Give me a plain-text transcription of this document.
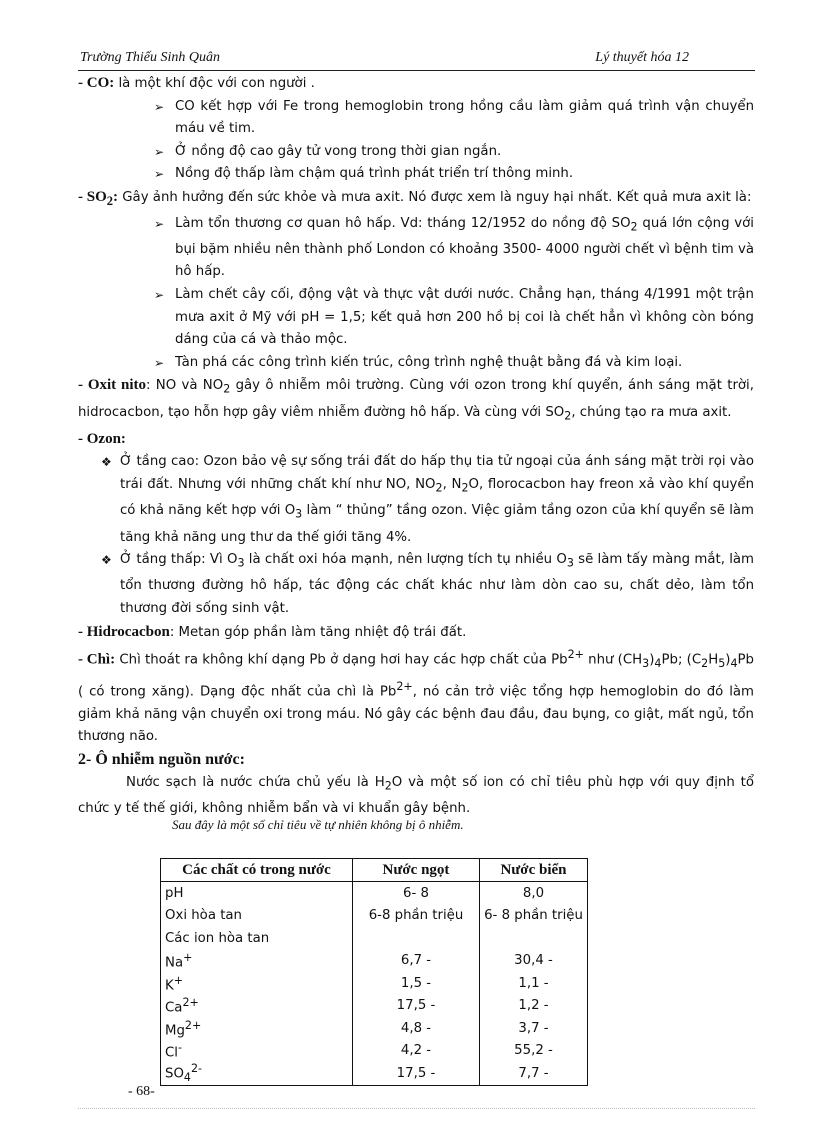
Trường Thiếu Sinh Quân	Lý thuyết hóa 12

- CO: là một khí độc với con người .

➢ CO kết hợp với Fe trong hemoglobin trong hồng cầu làm giảm quá trình vận chuyển máu về tim.
➢ Ở nồng độ cao gây tử vong trong thời gian ngắn.
➢ Nồng độ thấp làm chậm quá trình phát triển trí thông minh.

- $SO_2$: Gây ảnh hưởng đến sức khỏe và mưa axit. Nó được xem là nguy hại nhất. Kết quả mưa axit là:

➢ Làm tổn thương cơ quan hô hấp. Vd: tháng 12/1952 do nồng độ $SO_2$ quá lớn cộng với bụi bặm nhiều nên thành phố London có khoảng 3500- 4000 người chết vì bệnh tim và hô hấp.
➢ Làm chết cây cối, động vật và thực vật dưới nước. Chẳng hạn, tháng 4/1991 một trận mưa axit ở Mỹ với pH = 1,5; kết quả hơn 200 hồ bị coi là chết hẳn vì không còn bóng dáng của cá và thảo mộc.
➢ Tàn phá các công trình kiến trúc, công trình nghệ thuật bằng đá và kim loại.

- Oxit nito: NO và $NO_2$ gây ô nhiễm môi trường. Cùng với ozon trong khí quyển, ánh sáng mặt trời, hidrocacbon, tạo hỗn hợp gây viêm nhiễm đường hô hấp. Và cùng với $SO_2$, chúng tạo ra mưa axit.

- Ozon:

❖ Ở tầng cao: Ozon bảo vệ sự sống trái đất do hấp thụ tia tử ngoại của ánh sáng mặt trời rọi vào trái đất. Nhưng với những chất khí như NO, $NO_2$, $N_2O$, florocacbon hay freon xả vào khí quyển có khả năng kết hợp với $O_3$ làm “ thủng” tầng ozon. Việc giảm tầng ozon của khí quyển sẽ làm tăng khả năng ung thư da thế giới tăng 4%.
❖ Ở tầng thấp: Vì $O_3$ là chất oxi hóa mạnh, nên lượng tích tụ nhiều $O_3$ sẽ làm tấy màng mắt, làm tổn thương đường hô hấp, tác động các chất khác như làm dòn cao su, chất dẻo, làm tổn thương đời sống sinh vật.

- Hidrocacbon: Metan góp phần làm tăng nhiệt độ trái đất.

- Chì: Chì thoát ra không khí dạng Pb ở dạng hơi hay các hợp chất của $Pb^{2+}$ như $(CH_3)_4Pb$; $(C_2H_5)_4Pb$ ( có trong xăng). Dạng độc nhất của chì là $Pb^{2+}$, nó cản trở việc tổng hợp hemoglobin do đó làm giảm khả năng vận chuyển oxi trong máu. Nó gây các bệnh đau đầu, đau bụng, co giật, mất ngủ, tổn thương não.

2- Ô nhiễm nguồn nước:

Nước sạch là nước chứa chủ yếu là $H_2O$ và một số ion có chỉ tiêu phù hợp với quy định tổ chức y tế thế giới, không nhiễm bẩn và vi khuẩn gây bệnh.

Sau đây là một số chỉ tiêu về tự nhiên không bị ô nhiễm.
Các chất có trong nước	Nước ngọt	Nước biển
pH	6- 8	8,0
Oxi hòa tan	6-8 phần triệu	6- 8 phần triệu
Các ion hòa tan		
Na+	6,7 -	30,4 -
K+	1,5 -	1,1 -
$Ca^{2+}$	17,5 -	1,2 -
$Mg^{2+}$	4,8 -	3,7 -
Cl-	4,2 -	55,2 -
$SO_4^{2-}$	17,5 -	7,7 -
- 68-
